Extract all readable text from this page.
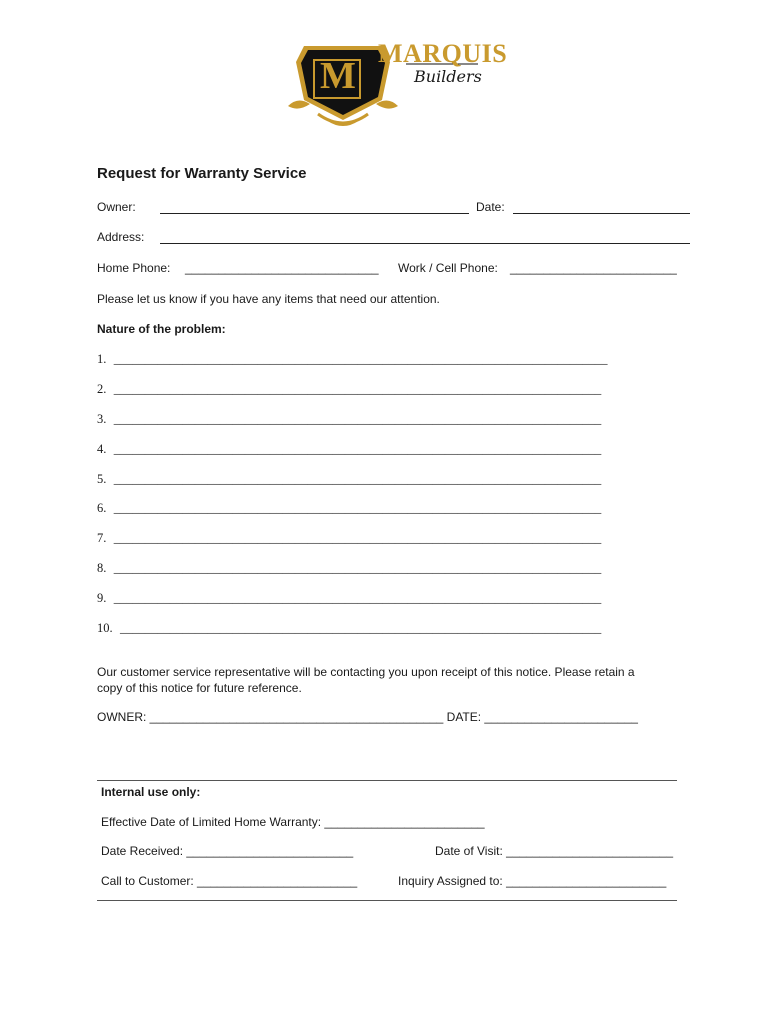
M
MARQUIS
Builders
Request for Warranty Service
Owner:	Date:
Address:
Home Phone: _____________________________ Work / Cell Phone: _________________________
Please let us know if you have any items that need our attention.
Nature of the problem:
1. _______________________________________________________________________________
2. ______________________________________________________________________________
3. ______________________________________________________________________________
4. ______________________________________________________________________________
5. ______________________________________________________________________________
6. ______________________________________________________________________________
7. ______________________________________________________________________________
8. ______________________________________________________________________________
9. ______________________________________________________________________________
10. _____________________________________________________________________________
Our customer service representative will be contacting you upon receipt of this notice. Please retain a
copy of this notice for future reference.
OWNER: ____________________________________________ DATE: _______________________
Internal use only:
Effective Date of Limited Home Warranty: ________________________
Date Received: _________________________	Date of Visit: _________________________
Call to Customer: ________________________	Inquiry Assigned to: ________________________
